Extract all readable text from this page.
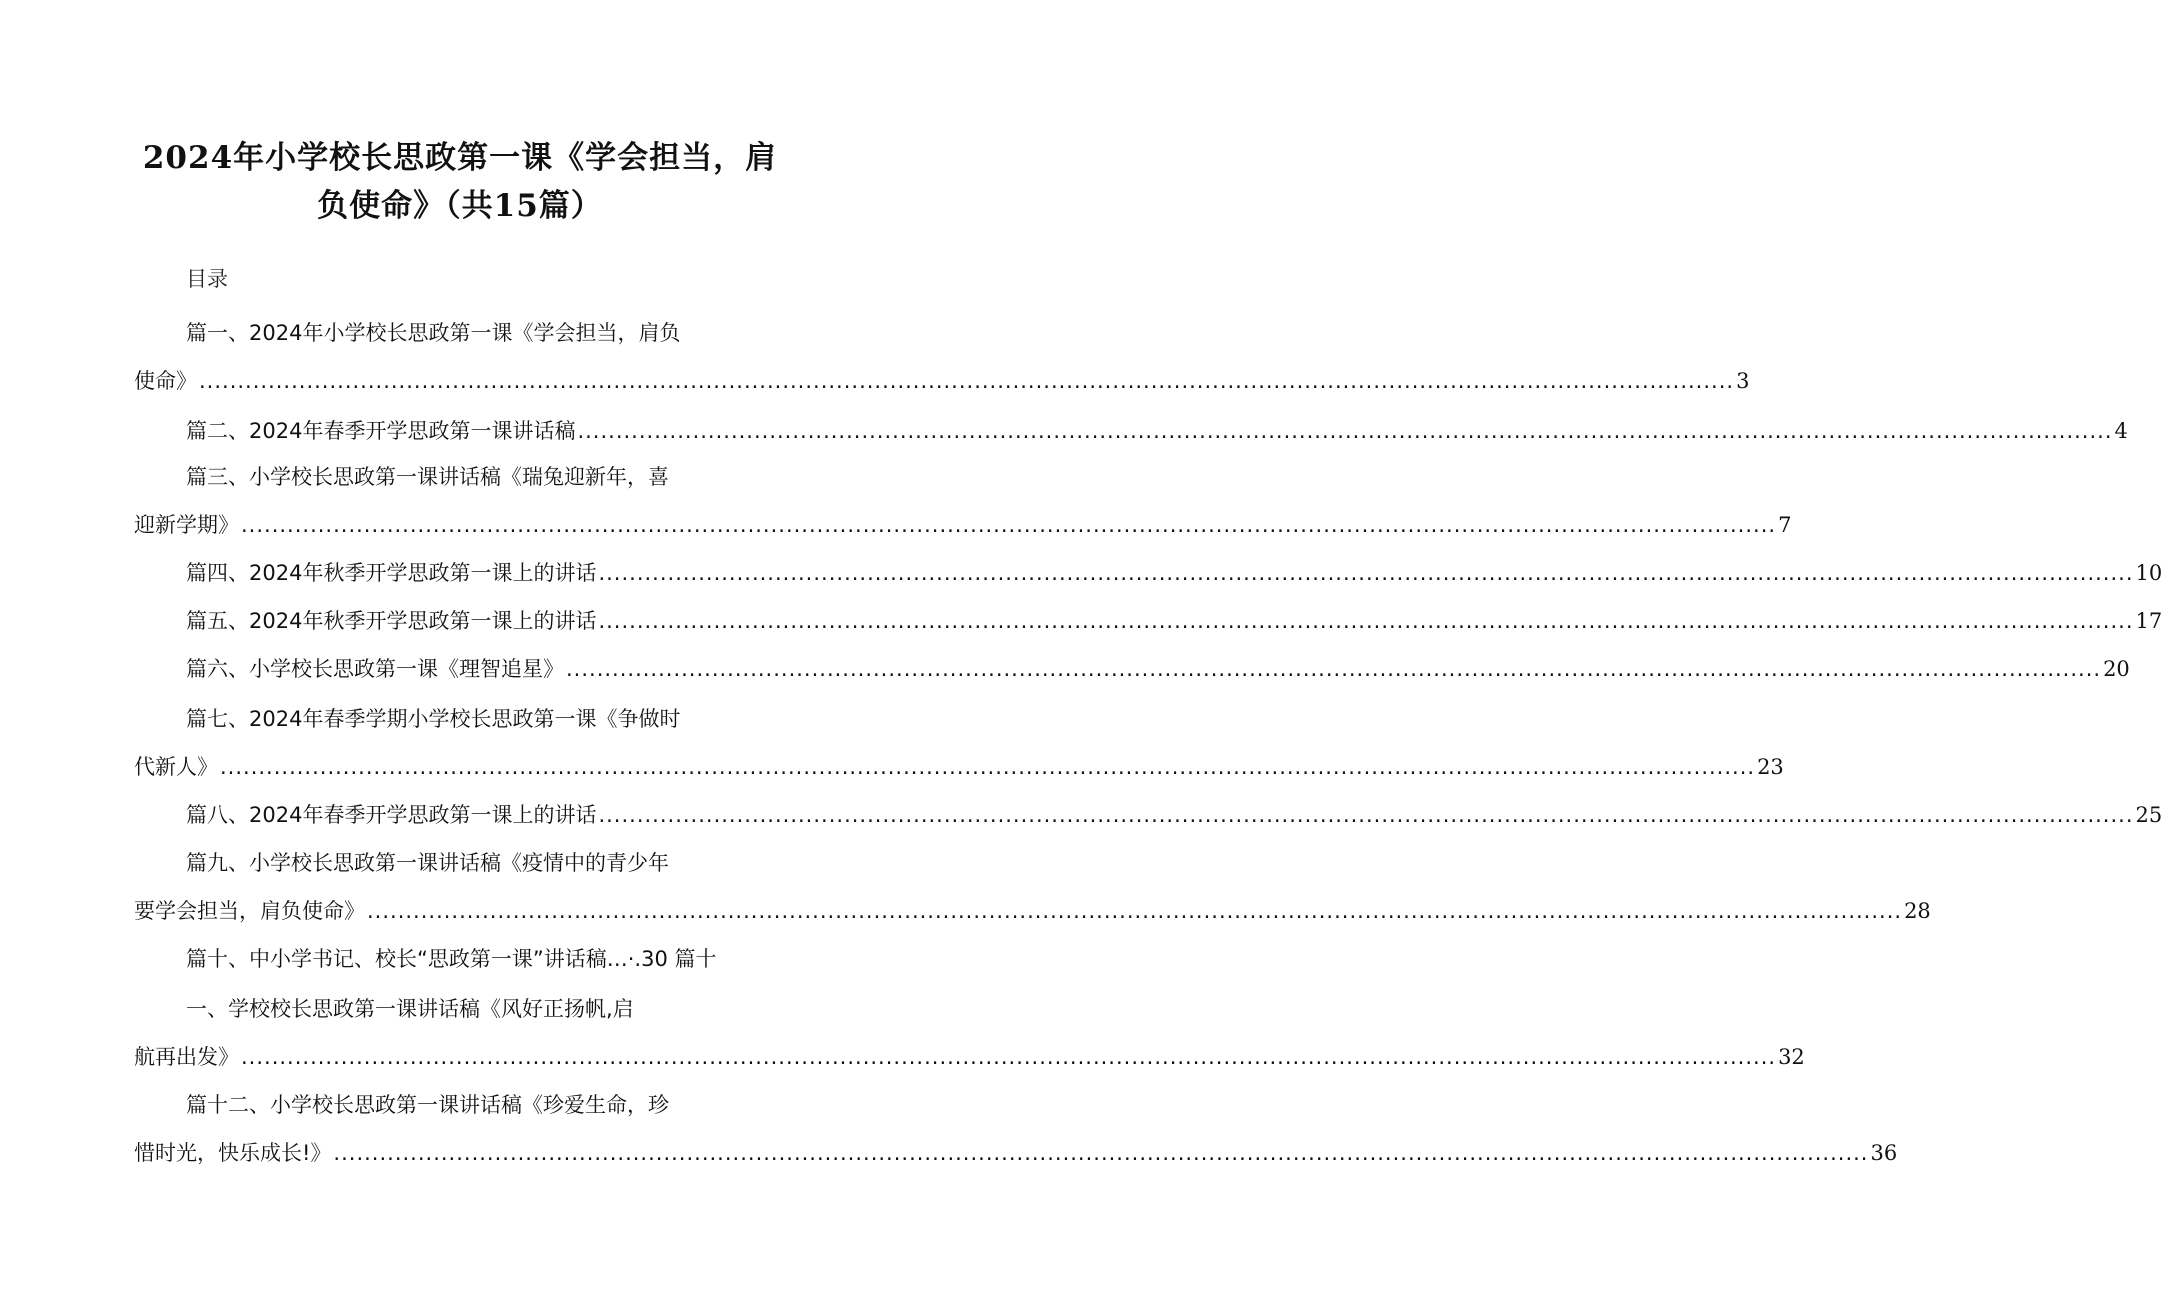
2024年小学校长思政第一课《学会担当，肩
负使命》（共15篇）
目录
篇一、2024年小学校长思政第一课《学会担当，肩负
使命》 ........................................................................................................................................................................................................ 3
篇二、2024年春季开学思政第一课讲话稿 ........................................................................................................................................................................................................ 4
篇三、小学校长思政第一课讲话稿《瑞兔迎新年，喜
迎新学期》 ........................................................................................................................................................................................................ 7
篇四、2024年秋季开学思政第一课上的讲话 ........................................................................................................................................................................................................ 10
篇五、2024年秋季开学思政第一课上的讲话 ........................................................................................................................................................................................................ 17
篇六、小学校长思政第一课《理智追星》 ........................................................................................................................................................................................................ 20
篇七、2024年春季学期小学校长思政第一课《争做时
代新人》 ........................................................................................................................................................................................................ 23
篇八、2024年春季开学思政第一课上的讲话 ........................................................................................................................................................................................................ 25
篇九、小学校长思政第一课讲话稿《疫情中的青少年
要学会担当，肩负使命》 ........................................................................................................................................................................................................ 28
篇十、中小学书记、校长“思政第一课”讲话稿…·.30 篇十
一、学校校长思政第一课讲话稿《风好正扬帆,启
航再出发》 ........................................................................................................................................................................................................ 32
篇十二、小学校长思政第一课讲话稿《珍爱生命，珍
惜时光，快乐成长!》 ........................................................................................................................................................................................................ 36
